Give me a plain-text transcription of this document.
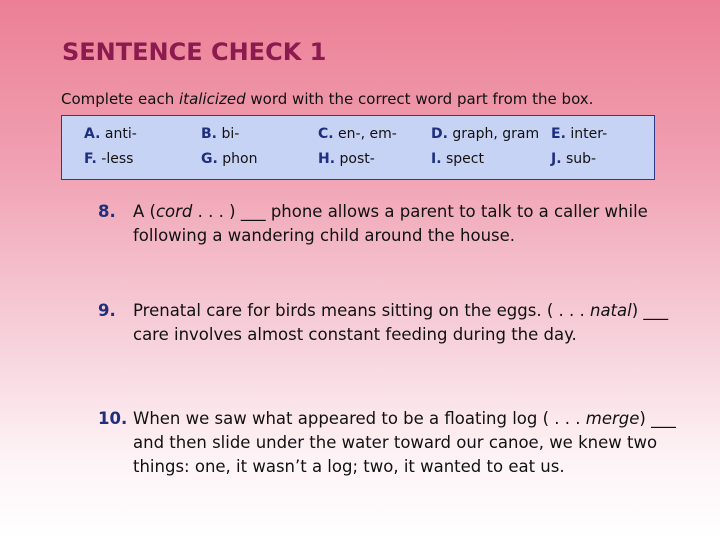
SENTENCE CHECK 1
Complete each italicized word with the correct word part from the box.
A. anti-	B. bi-	C. en-, em- D. graph, gram E. inter-
F. -less	G. phon	H. post-	I. spect	J. sub-
8. A (cord . . . ) ___ phone allows a parent to talk to a caller while following a wandering child around the house.
9. Prenatal care for birds means sitting on the eggs. ( . . . natal) ___ care involves almost constant feeding during the day.
10. When we saw what appeared to be a floating log ( . . . merge) ___ and then slide under the water toward our canoe, we knew two things: one, it wasn’t a log; two, it wanted to eat us.
